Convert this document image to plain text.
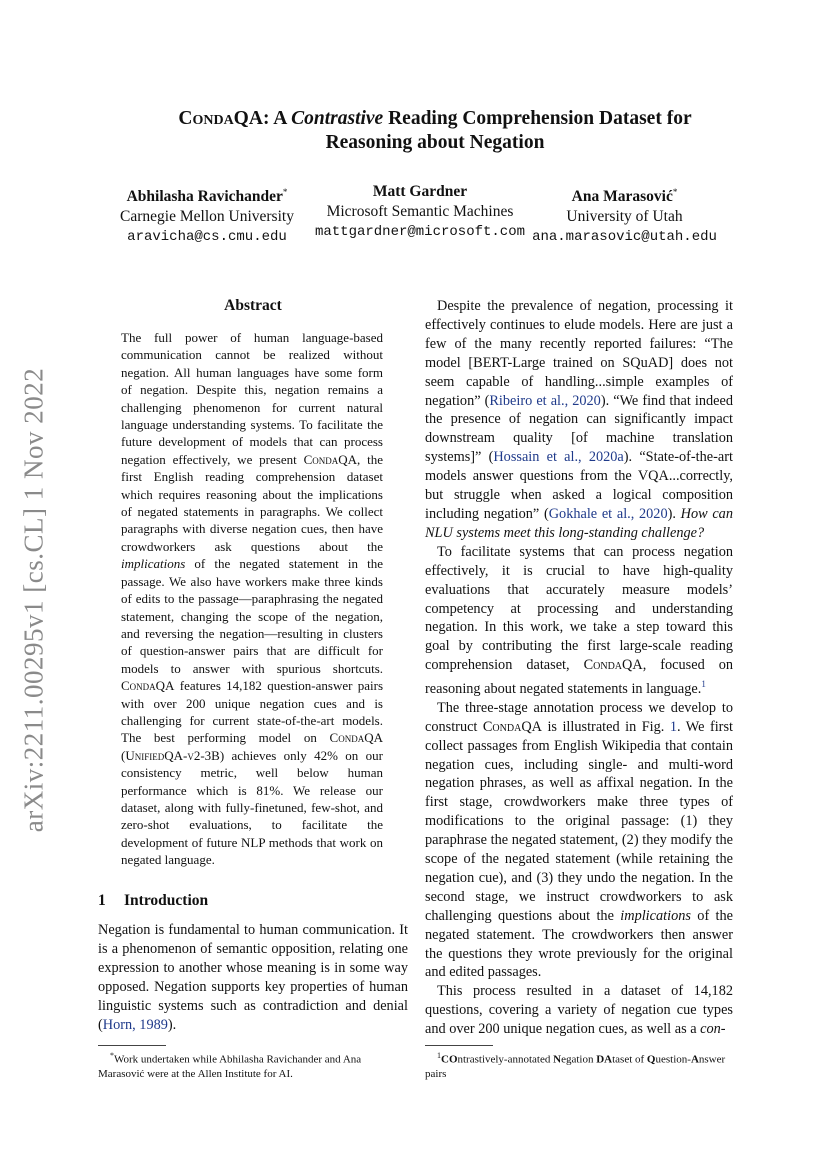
arXiv:2211.00295v1 [cs.CL] 1 Nov 2022
CondaQA: A Contrastive Reading Comprehension Dataset for
Reasoning about Negation
Abhilasha Ravichander*
Carnegie Mellon University
aravicha@cs.cmu.edu
Matt Gardner
Microsoft Semantic Machines
mattgardner@microsoft.com
Ana Marasović*
University of Utah
ana.marasovic@utah.edu
Abstract
The full power of human language-based communication cannot be realized without negation. All human languages have some form of negation. Despite this, negation remains a challenging phenomenon for current natural language understanding systems. To facilitate the future development of models that can process negation effectively, we present CondaQA, the first English reading comprehension dataset which requires reasoning about the implications of negated statements in paragraphs. We collect paragraphs with diverse negation cues, then have crowdworkers ask questions about the implications of the negated statement in the passage. We also have workers make three kinds of edits to the passage—paraphrasing the negated statement, changing the scope of the negation, and reversing the negation—resulting in clusters of question-answer pairs that are difficult for models to answer with spurious shortcuts. CondaQA features 14,182 question-answer pairs with over 200 unique negation cues and is challenging for current state-of-the-art models. The best performing model on CondaQA (UnifiedQA-v2-3B) achieves only 42% on our consistency metric, well below human performance which is 81%. We release our dataset, along with fully-finetuned, few-shot, and zero-shot evaluations, to facilitate the development of future NLP methods that work on negated language.
1 Introduction

Negation is fundamental to human communication. It is a phenomenon of semantic opposition, relating one expression to another whose meaning is in some way opposed. Negation supports key properties of human linguistic systems such as contradiction and denial (Horn, 1989).

Despite the prevalence of negation, processing it effectively continues to elude models. Here are just a few of the many recently reported failures: “The model [BERT-Large trained on SQuAD] does not seem capable of handling...simple examples of negation” (Ribeiro et al., 2020). “We find that indeed the presence of negation can significantly impact downstream quality [of machine translation systems]” (Hossain et al., 2020a). “State-of-the-art models answer questions from the VQA...correctly, but struggle when asked a logical composition including negation” (Gokhale et al., 2020). How can NLU systems meet this long-standing challenge?

To facilitate systems that can process negation effectively, it is crucial to have high-quality evaluations that accurately measure models’ competency at processing and understanding negation. In this work, we take a step toward this goal by contributing the first large-scale reading comprehension dataset, CondaQA, focused on reasoning about negated statements in language.$^1$

The three-stage annotation process we develop to construct CondaQA is illustrated in Fig. 1. We first collect passages from English Wikipedia that contain negation cues, including single- and multi-word negation phrases, as well as affixal negation. In the first stage, crowdworkers make three types of modifications to the original passage: (1) they paraphrase the negated statement, (2) they modify the scope of the negated statement (while retaining the negation cue), and (3) they undo the negation. In the second stage, we instruct crowdworkers to ask challenging questions about the implications of the negated statement. The crowdworkers then answer the questions they wrote previously for the original and edited passages.

This process resulted in a dataset of 14,182 questions, covering a variety of negation cue types and over 200 unique negation cues, as well as a con-

*Work undertaken while Abhilasha Ravichander and Ana Marasović were at the Allen Institute for AI.
$^1$COntrastively-annotated Negation DAtaset of Question-Answer pairs
